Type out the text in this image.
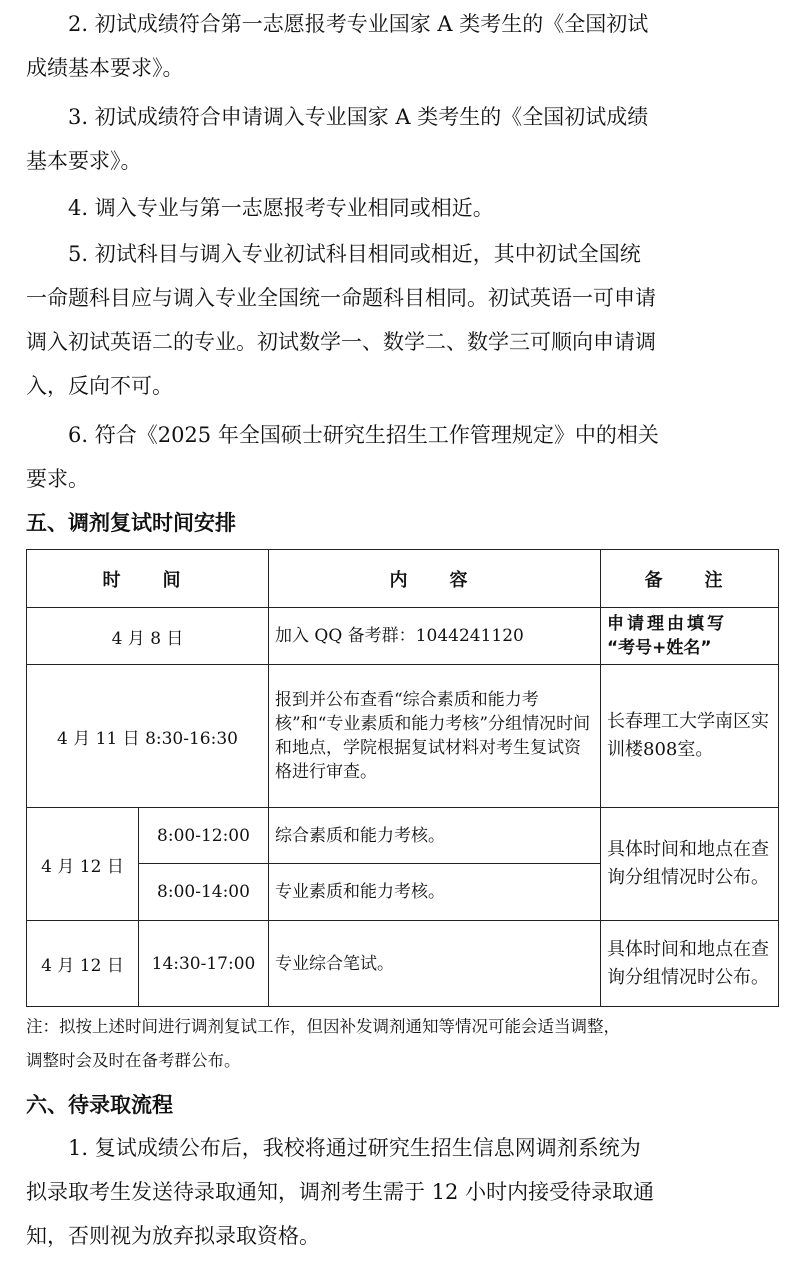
2. 初试成绩符合第一志愿报考专业国家 A 类考生的《全国初试
成绩基本要求》。

3. 初试成绩符合申请调入专业国家 A 类考生的《全国初试成绩
基本要求》。

4. 调入专业与第一志愿报考专业相同或相近。

5. 初试科目与调入专业初试科目相同或相近，其中初试全国统
一命题科目应与调入专业全国统一命题科目相同。初试英语一可申请
调入初试英语二的专业。初试数学一、数学二、数学三可顺向申请调
入，反向不可。

6. 符合《2025 年全国硕士研究生招生工作管理规定》中的相关
要求。

五、调剂复试时间安排
时　间		内　容	备　注
4 月 8 日		加入 QQ 备考群：1044241120	申请理由填写
“考号+姓名”

4 月 11 日 8:30-16:30		报到并公布查看“综合素质和能力考核”和“专业素质和能力考核”分组情况时间和地点，学院根据复试材料对考生复试资格进行审查。	长春理工大学南区实训楼808室。
4 月 12 日	8:00-12:00	综合素质和能力考核。	具体时间和地点在查询分组情况时公布。
	8:00-14:00	专业素质和能力考核。	
4 月 12 日	14:30-17:00	专业综合笔试。	具体时间和地点在查询分组情况时公布。

注：拟按上述时间进行调剂复试工作，但因补发调剂通知等情况可能会适当调整，
调整时会及时在备考群公布。

六、待录取流程

1. 复试成绩公布后，我校将通过研究生招生信息网调剂系统为
拟录取考生发送待录取通知，调剂考生需于 12 小时内接受待录取通
知，否则视为放弃拟录取资格。
